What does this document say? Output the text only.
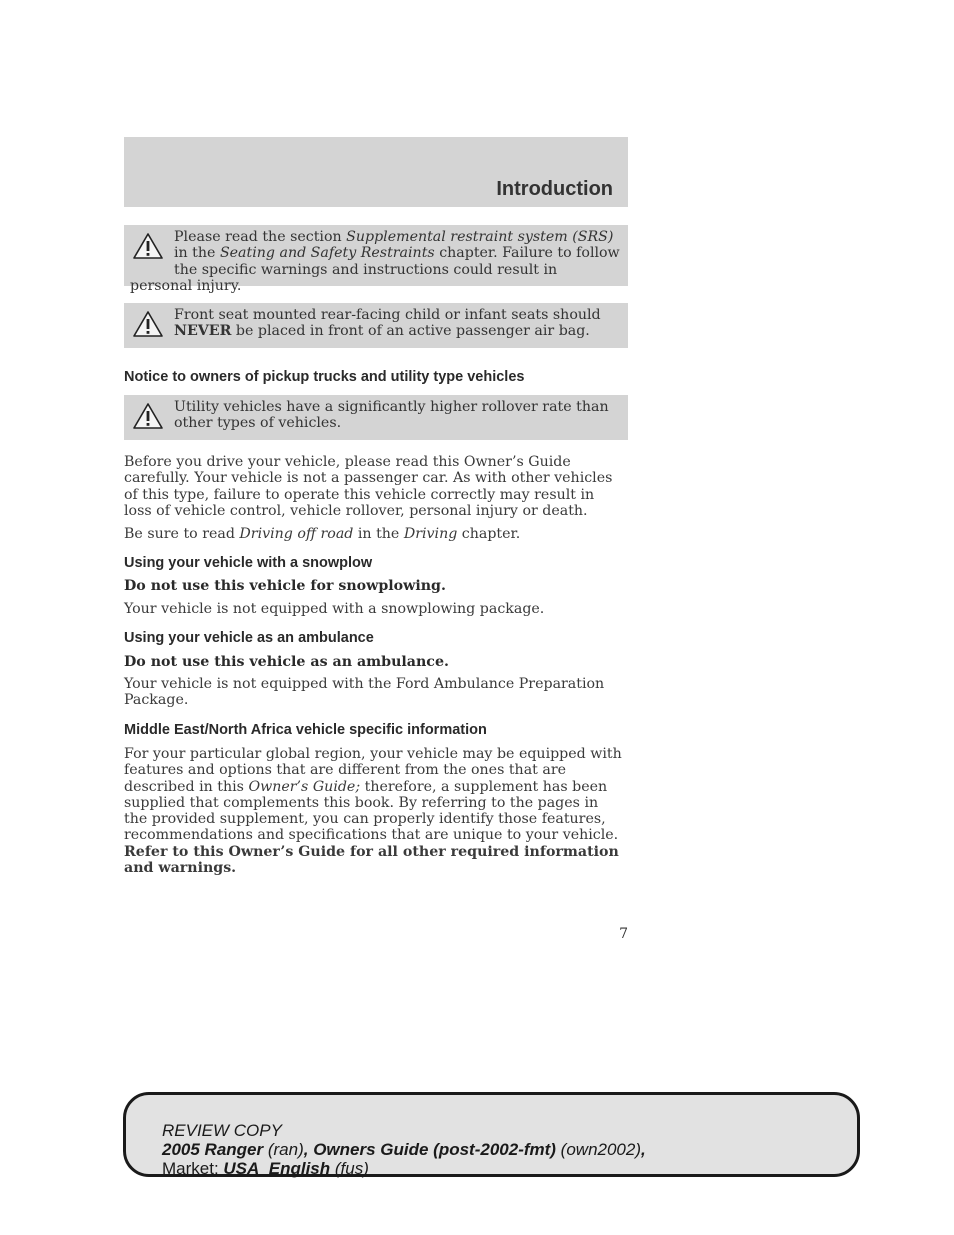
Introduction

Please read the section Supplemental restraint system (SRS) in the Seating and Safety Restraints chapter. Failure to follow the specific warnings and instructions could result in personal injury.

Front seat mounted rear-facing child or infant seats should NEVER be placed in front of an active passenger air bag.

Notice to owners of pickup trucks and utility type vehicles

Utility vehicles have a significantly higher rollover rate than other types of vehicles.

Before you drive your vehicle, please read this Owner’s Guide carefully. Your vehicle is not a passenger car. As with other vehicles of this type, failure to operate this vehicle correctly may result in loss of vehicle control, vehicle rollover, personal injury or death.

Be sure to read Driving off road in the Driving chapter.

Using your vehicle with a snowplow

Do not use this vehicle for snowplowing.

Your vehicle is not equipped with a snowplowing package.

Using your vehicle as an ambulance

Do not use this vehicle as an ambulance.

Your vehicle is not equipped with the Ford Ambulance Preparation Package.

Middle East/North Africa vehicle specific information

For your particular global region, your vehicle may be equipped with features and options that are different from the ones that are described in this Owner’s Guide; therefore, a supplement has been supplied that complements this book. By referring to the pages in the provided supplement, you can properly identify those features, recommendations and specifications that are unique to your vehicle. Refer to this Owner’s Guide for all other required information and warnings.

7
REVIEW COPY
2005 Ranger (ran), Owners Guide (post-2002-fmt) (own2002),
Market: USA_English (fus)
